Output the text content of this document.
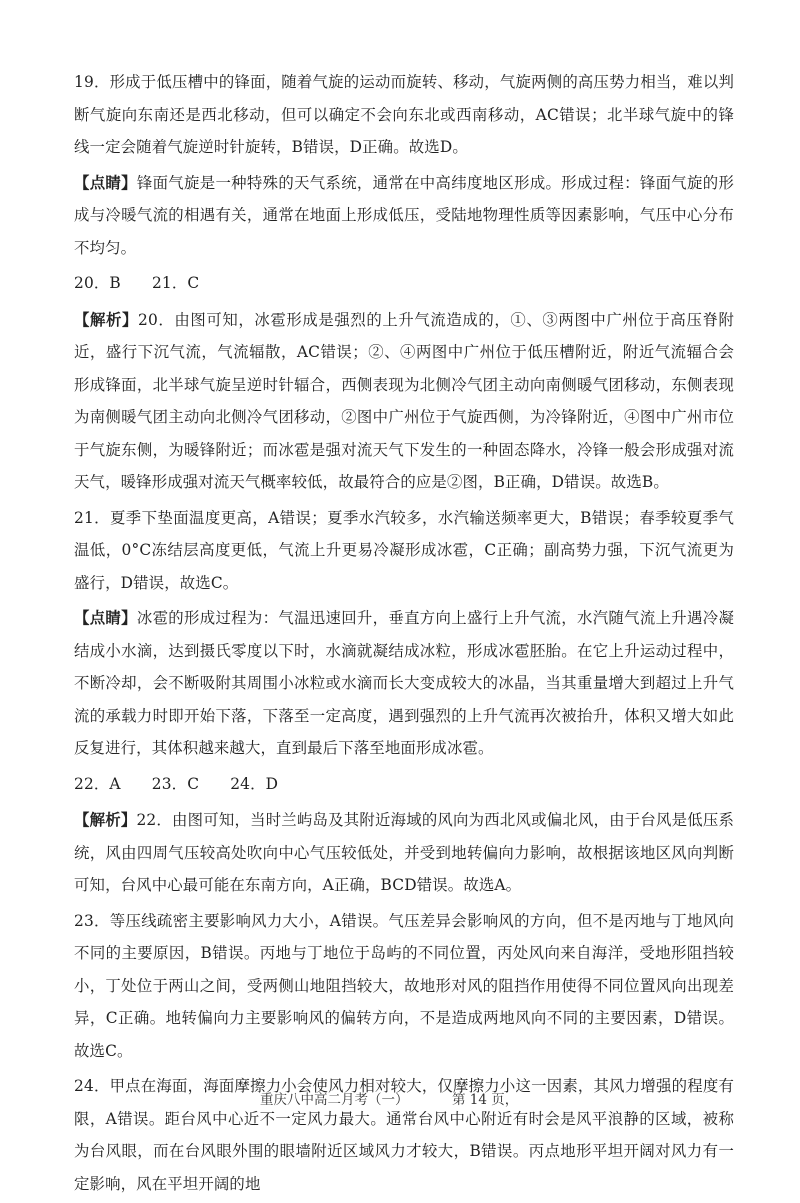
19．形成于低压槽中的锋面，随着气旋的运动而旋转、移动，气旋两侧的高压势力相当，难以判断气旋向东南还是西北移动，但可以确定不会向东北或西南移动，AC错误；北半球气旋中的锋线一定会随着气旋逆时针旋转，B错误，D正确。故选D。

【点睛】锋面气旋是一种特殊的天气系统，通常在中高纬度地区形成。形成过程：锋面气旋的形成与冷暖气流的相遇有关，通常在地面上形成低压，受陆地物理性质等因素影响，气压中心分布不均匀。

20．B　　21．C

【解析】20．由图可知，冰雹形成是强烈的上升气流造成的，①、③两图中广州位于高压脊附近，盛行下沉气流，气流辐散，AC错误；②、④两图中广州位于低压槽附近，附近气流辐合会形成锋面，北半球气旋呈逆时针辐合，西侧表现为北侧冷气团主动向南侧暖气团移动，东侧表现为南侧暖气团主动向北侧冷气团移动，②图中广州位于气旋西侧，为冷锋附近，④图中广州市位于气旋东侧，为暖锋附近；而冰雹是强对流天气下发生的一种固态降水，冷锋一般会形成强对流天气，暖锋形成强对流天气概率较低，故最符合的应是②图，B正确，D错误。故选B。

21．夏季下垫面温度更高，A错误；夏季水汽较多，水汽输送频率更大，B错误；春季较夏季气温低，0°C冻结层高度更低，气流上升更易冷凝形成冰雹，C正确；副高势力强，下沉气流更为盛行，D错误，故选C。

【点睛】冰雹的形成过程为：气温迅速回升，垂直方向上盛行上升气流，水汽随气流上升遇冷凝结成小水滴，达到摄氏零度以下时，水滴就凝结成冰粒，形成冰雹胚胎。在它上升运动过程中，不断冷却，会不断吸附其周围小冰粒或水滴而长大变成较大的冰晶，当其重量增大到超过上升气流的承载力时即开始下落，下落至一定高度，遇到强烈的上升气流再次被抬升，体积又增大如此反复进行，其体积越来越大，直到最后下落至地面形成冰雹。

22．A　　23．C　　24．D

【解析】22．由图可知，当时兰屿岛及其附近海域的风向为西北风或偏北风，由于台风是低压系统，风由四周气压较高处吹向中心气压较低处，并受到地转偏向力影响，故根据该地区风向判断可知，台风中心最可能在东南方向，A正确，BCD错误。故选A。

23．等压线疏密主要影响风力大小，A错误。气压差异会影响风的方向，但不是丙地与丁地风向不同的主要原因，B错误。丙地与丁地位于岛屿的不同位置，丙处风向来自海洋，受地形阻挡较小，丁处位于两山之间，受两侧山地阻挡较大，故地形对风的阻挡作用使得不同位置风向出现差异，C正确。地转偏向力主要影响风的偏转方向，不是造成两地风向不同的主要因素，D错误。故选C。

24．甲点在海面，海面摩擦力小会使风力相对较大，仅摩擦力小这一因素，其风力增强的程度有限，A错误。距台风中心近不一定风力最大。通常台风中心附近有时会是风平浪静的区域，被称为台风眼，而在台风眼外围的眼墙附近区域风力才较大，B错误。丙点地形平坦开阔对风力有一定影响，风在平坦开阔的地

重庆八中高二月考（一）	第 14 页，
